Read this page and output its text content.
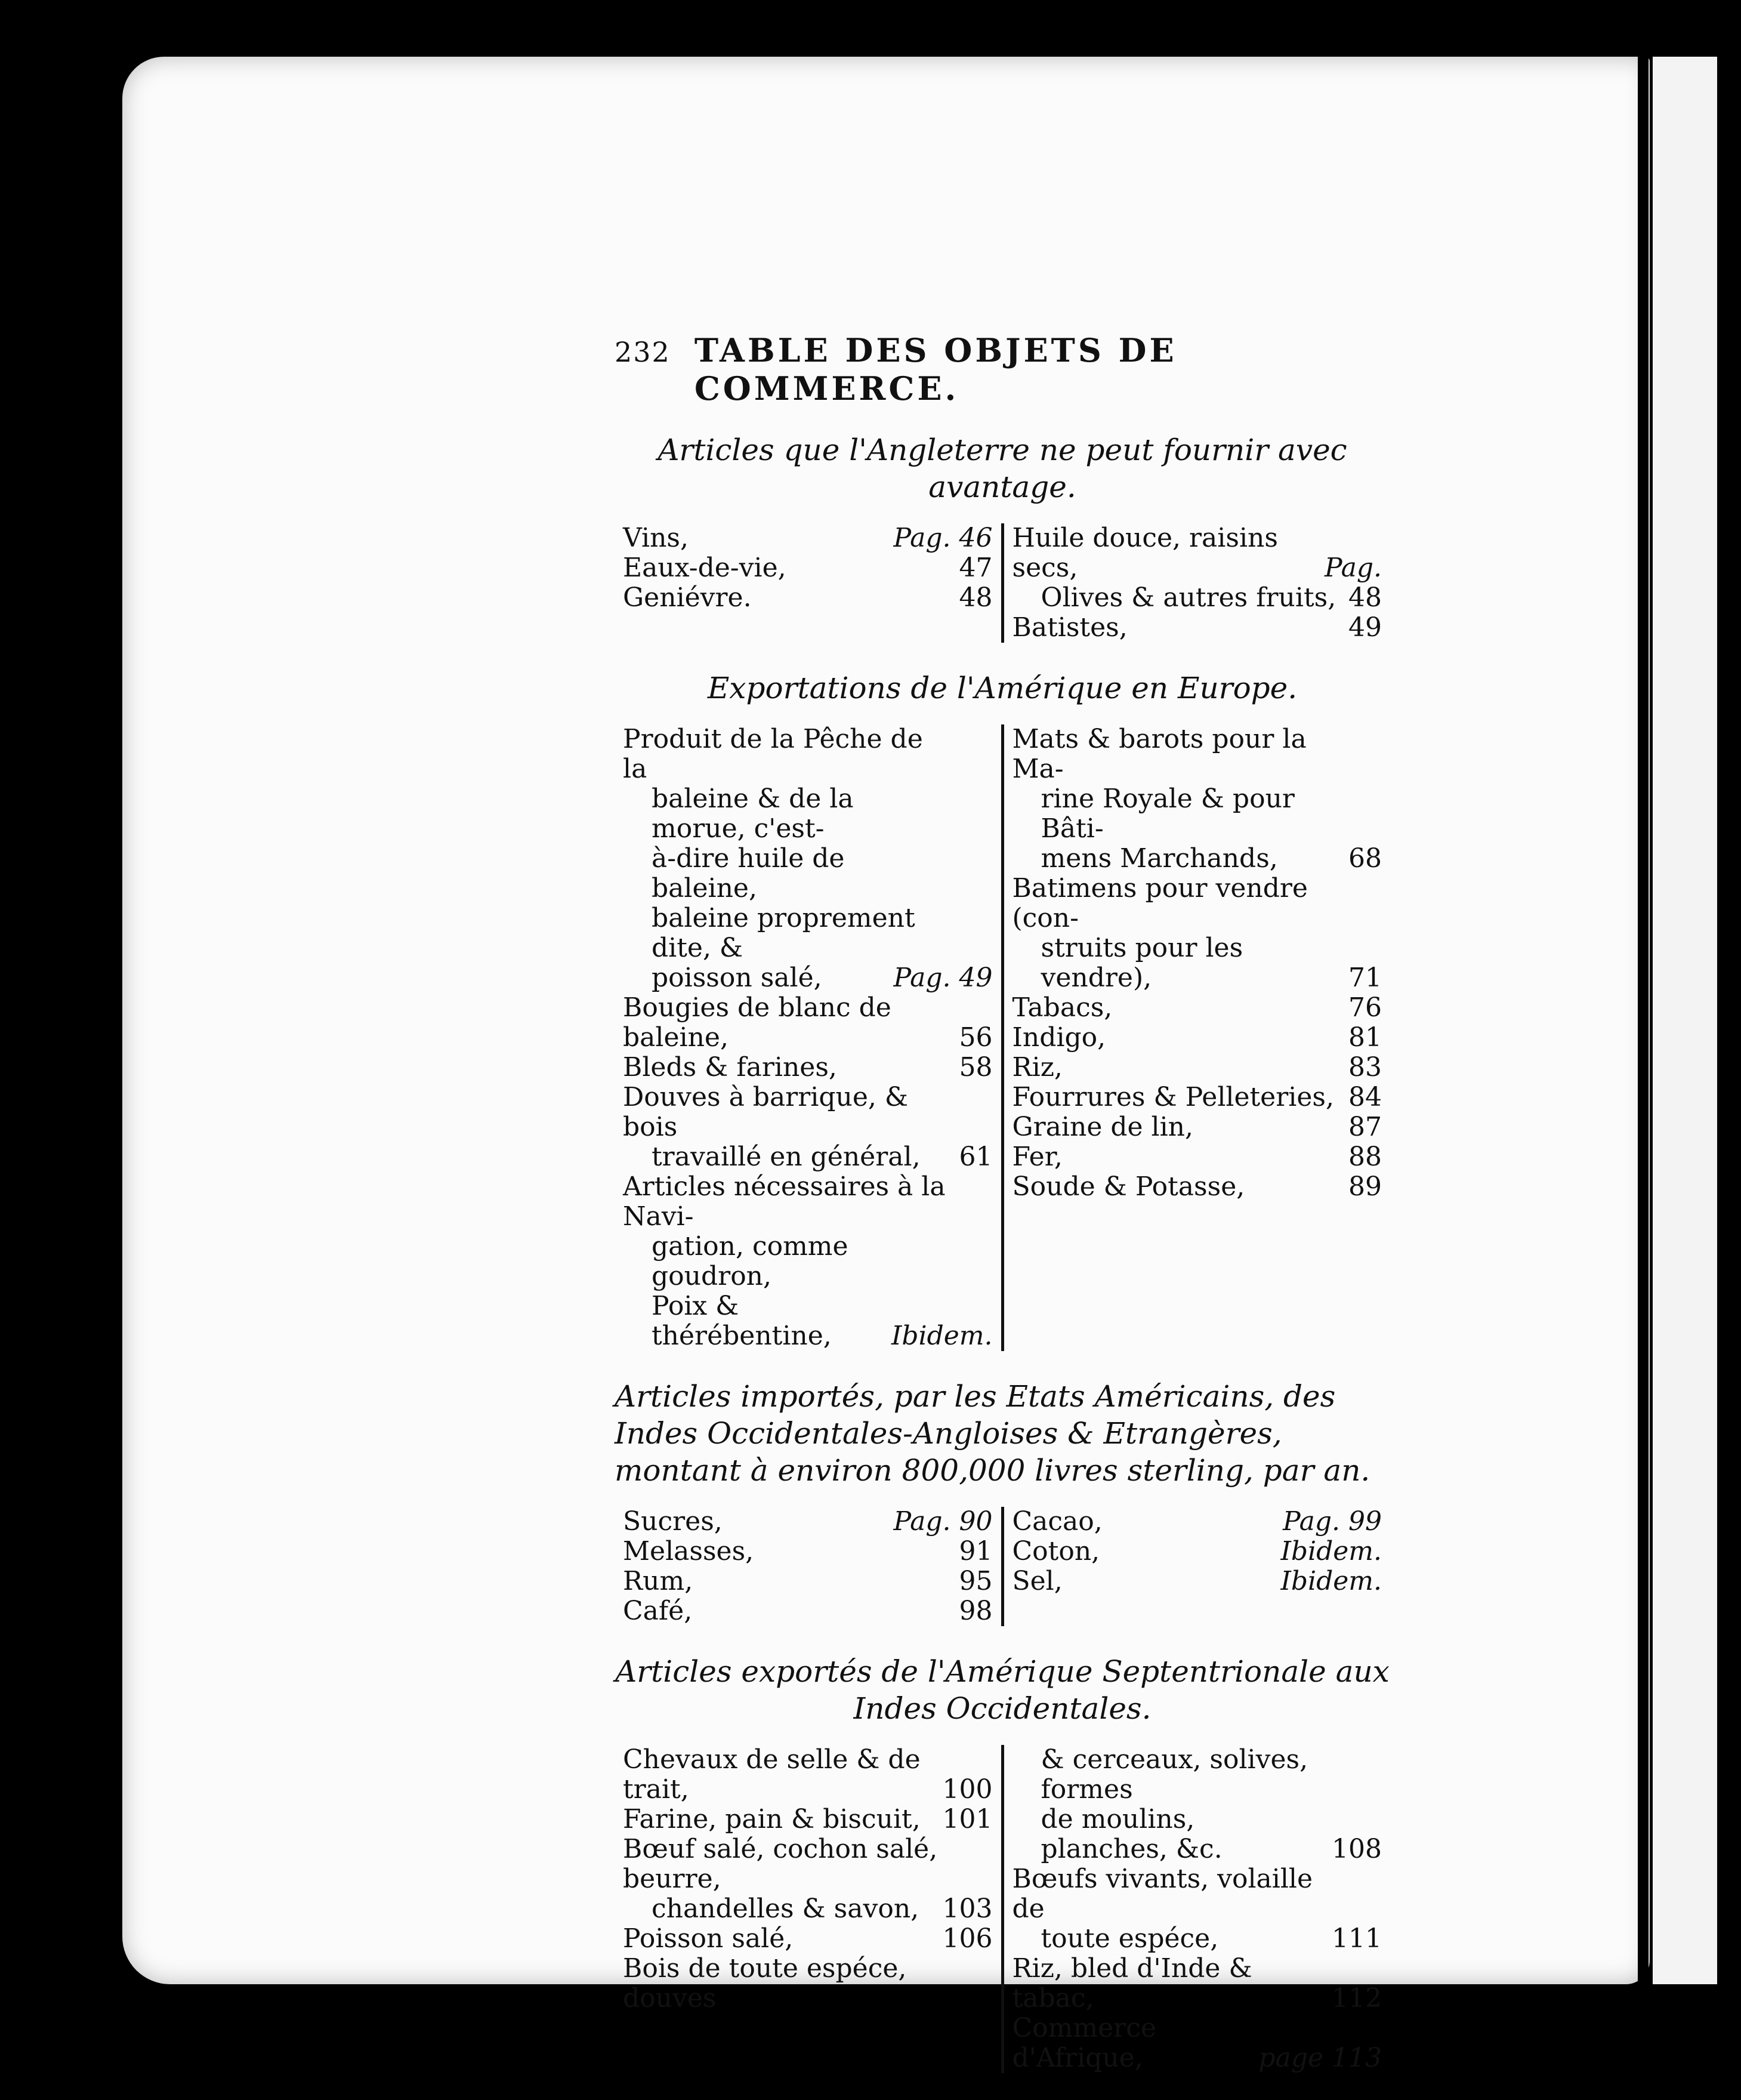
232 TABLE DES OBJETS DE COMMERCE.
Articles que l'Angleterre ne peut fournir avec avantage.
Vins,	Pag. 46
Eaux-de-vie,	47
Geniévre.	48
Huile douce, raisins secs,	Pag.
Olives & autres fruits, 48
Batistes,	49
Exportations de l'Amérique en Europe.
Produit de la Pêche de la
baleine & de la morue, c'est-
à-dire huile de baleine,
baleine proprement dite, &
poisson salé,	Pag. 49
Bougies de blanc de baleine,	56
Bleds & farines,	58
Douves à barrique, & bois
travaillé en général,	61
Articles nécessaires à la Navi-
gation, comme goudron,
Poix & thérébentine,	Ibidem.
Mats & barots pour la Ma-
rine Royale & pour Bâti-
mens Marchands,	68
Batimens pour vendre (con-
struits pour les vendre),	71
Tabacs,	76
Indigo,	81
Riz,	83
Fourrures & Pelleteries, 84
Graine de lin,	87
Fer,	88
Soude & Potasse,	89
Articles importés, par les Etats Américains, des Indes Occidentales-Angloises & Etrangères, montant à environ 800,000 livres sterling, par an.
Sucres,	Pag. 90
Melasses,	91
Rum,	95
Café,	98
Cacao,	Pag. 99
Coton,	Ibidem.
Sel,	Ibidem.
Articles exportés de l'Amérique Septentrionale aux Indes Occidentales.
Chevaux de selle & de trait,	100
Farine, pain & biscuit, 101
Bœuf salé, cochon salé, beurre,
chandelles & savon, 103
Poisson salé,	106
Bois de toute espéce, douves
& cerceaux, solives, formes
de moulins, planches, &c.	108
Bœufs vivants, volaille de
toute espéce,	111
Riz, bled d'Inde & tabac,	112
Commerce d'Afrique,	page 113
